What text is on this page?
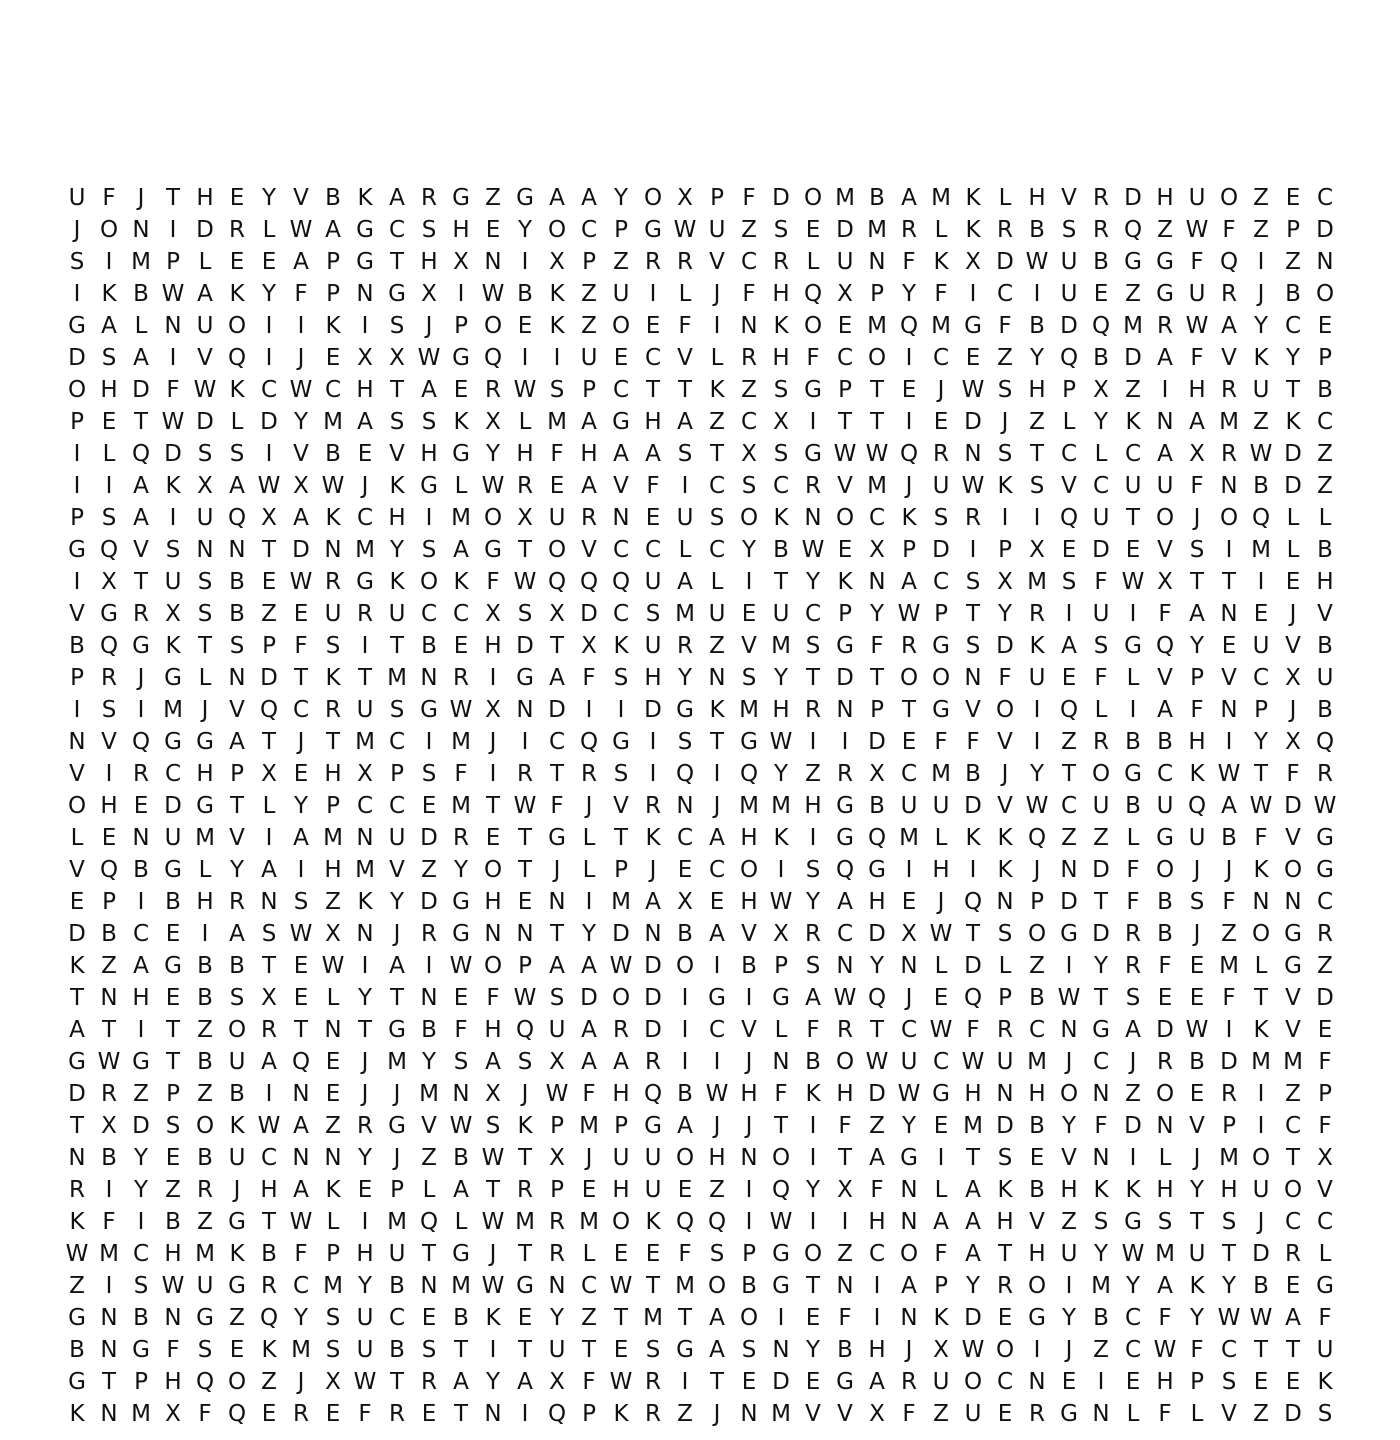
U F J T H E Y V B K A R G Z G A A Y O X P F D O M B A M K L H V R D H U O Z E C
J O N I D R L W A G C S H E Y O C P G W U Z S E D M R L K R B S R Q Z W F Z P D
S I M P L E E A P G T H X N I X P Z R R V C R L U N F K X D W U B G G F Q I Z N
I K B W A K Y F P N G X I W B K Z U I L J F H Q X P Y F I C I U E Z G U R J B O
G A L N U O I	I K I S J P O E K Z O E F I N K O E M Q M G F B D Q M R W A Y C E
D S A I V Q I	J E X X W G Q I	I U E C V L R H F C O I C E Z Y Q B D A F V K Y P
O H D F W K C W C H T A E R W S P C T T K Z S G P T E J W S H P X Z I H R U T B
P E T W D L D Y M A S S K X L M A G H A Z C X I T T I E D J Z L Y K N A M Z K C
I L Q D S S I V B E V H G Y H F H A A S T X S G W W Q R N S T C L C A X R W D Z
I	I A K X A W X W J K G L W R E A V F I C S C R V M J U W K S V C U U F N B D Z
P S A I U Q X A K C H I M O X U R N E U S O K N O C K S R I	I Q U T O J O Q L L
G Q V S N N T D N M Y S A G T O V C C L C Y B W E X P D I P X E D E V S I M L B
I X T U S B E W R G K O K F W Q Q Q U A L I T Y K N A C S X M S F W X T T I E H
V G R X S B Z E U R U C C X S X D C S M U E U C P Y W P T Y R I U I F A N E J V
B Q G K T S P F S I T B E H D T X K U R Z V M S G F R G S D K A S G Q Y E U V B
P R J G L N D T K T M N R I G A F S H Y N S Y T D T O O N F U E F L V P V C X U
I S I M J V Q C R U S G W X N D I	I D G K M H R N P T G V O I Q L I A F N P J B
N V Q G G A T J T M C I M J	I C Q G I S T G W I	I D E F F V I Z R B B H I Y X Q
V I R C H P X E H X P S F I R T R S I Q I Q Y Z R X C M B J Y T O G C K W T F R
O H E D G T L Y P C C E M T W F J V R N J M M H G B U U D V W C U B U Q A W D W
L E N U M V I A M N U D R E T G L T K C A H K I G Q M L K K Q Z Z L G U B F V G
V Q B G L Y A I H M V Z Y O T J L P J E C O I S Q G I H I K J N D F O J	J K O G
E P I B H R N S Z K Y D G H E N I M A X E H W Y A H E J Q N P D T F B S F N N C
D B C E I A S W X N J R G N N T Y D N B A V X R C D X W T S O G D R B J Z O G R
K Z A G B B T E W I A I W O P A A W D O I B P S N Y N L D L Z I Y R F E M L G Z
T N H E B S X E L Y T N E F W S D O D I G I G A W Q J E Q P B W T S E E F T V D
A T I T Z O R T N T G B F H Q U A R D I C V L F R T C W F R C N G A D W I K V E
G W G T B U A Q E J M Y S A S X A A R I	I	J N B O W U C W U M J C J R B D M M F
D R Z P Z B I N E J	J M N X J W F H Q B W H F K H D W G H N H O N Z O E R I Z P
T X D S O K W A Z R G V W S K P M P G A J	J T I F Z Y E M D B Y F D N V P I C F
N B Y E B U C N N Y J Z B W T X J U U O H N O I T A G I T S E V N I L J M O T X
R I Y Z R J H A K E P L A T R P E H U E Z I Q Y X F N L A K B H K K H Y H U O V
K F I B Z G T W L I M Q L W M R M O K Q Q I W I	I H N A A H V Z S G S T S J C C
W M C H M K B F P H U T G J T R L E E F S P G O Z C O F A T H U Y W M U T D R L
Z I S W U G R C M Y B N M W G N C W T M O B G T N I A P Y R O I M Y A K Y B E G
G N B N G Z Q Y S U C E B K E Y Z T M T A O I E F I N K D E G Y B C F Y W W A F
B N G F S E K M S U B S T I T U T E S G A S N Y B H J X W O I	J Z C W F C T T U
G T P H Q O Z J X W T R A Y A X F W R I T E D E G A R U O C N E I E H P S E E K
K N M X F Q E R E F R E T N I Q P K R Z J N M V V X F Z U E R G N L F L V Z D S
